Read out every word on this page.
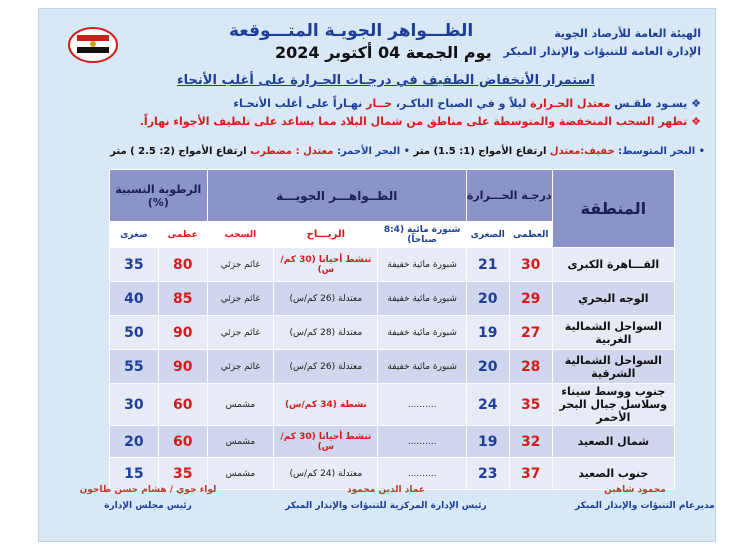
الظـــواهر الجويـة المتـــوقعة
يوم الجمعة 04 أكتوبر 2024
الهيئة العامة للأرصاد الجوية
الإدارة العامة للتنبؤات والإنذار المبكر
استمرار الأنخفاض الطفيف في درجـات الحـرارة على أغلب الأنحاء
❖ يسـود طقـس معتدل الحـرارة ليلاً و في الصباح الباكـر، حــار نهـاراً على أغلب الأنحـاء
❖ تظهر السحب المنخفضة والمتوسطة على مناطق من شمال البلاد مما يساعد على تلطيف الأجواء نهاراً.
• البحر المتوسط: خفيف:معتدل ارتفاع الأمواج (1: 1.5) متر • البحر الأحمر: معتدل : مضطرب ارتفاع الأمواج (2: 2.5 ) متر
المنطقة	درجـة الحـــرارة		الظــواهـــر الجويـــة			الرطوبة النسبية (%)	
	العظمى	الصغرى	شبورة مائية (8:4 صباحاً)	الريـــاح	السحب	عظمى	صغرى
القـــاهرة الكبرى	30	21	شبورة مائية خفيفة	تنشط أحيانا (30 كم/س)	غائم جزئي	80	35
الوجه البحري	29	20	شبورة مائية خفيفة	معتدلة (26 كم/س)	غائم جزئي	85	40
السواحل الشمالية الغربية	27	19	شبورة مائية خفيفة	معتدلة (28 كم/س)	غائم جزئي	90	50
السواحل الشمالية الشرقية	28	20	شبورة مائية خفيفة	معتدلة (26 كم/س)	غائم جزئي	90	55
جنوب ووسط سيناء وسلاسل جبال البحر الأحمر	35	24	..........	نشطة (34 كم/س)	مشمس	60	30
شمال الصعيد	32	19	..........	تنشط أحيانا (30 كم/س)	مشمس	60	20
جنوب الصعيد	37	23	..........	معتدلة (24 كم/س)	مشمس	35	15
محمود شاهين
مديرعام التنبؤات والإنذار المبكر
عماد الدين محمود
رئيس الإدارة المركزية للتنبؤات والإنذار المبكر
لواء جوي / هشام حسن طاحون
رئيس مجلس الإدارة
